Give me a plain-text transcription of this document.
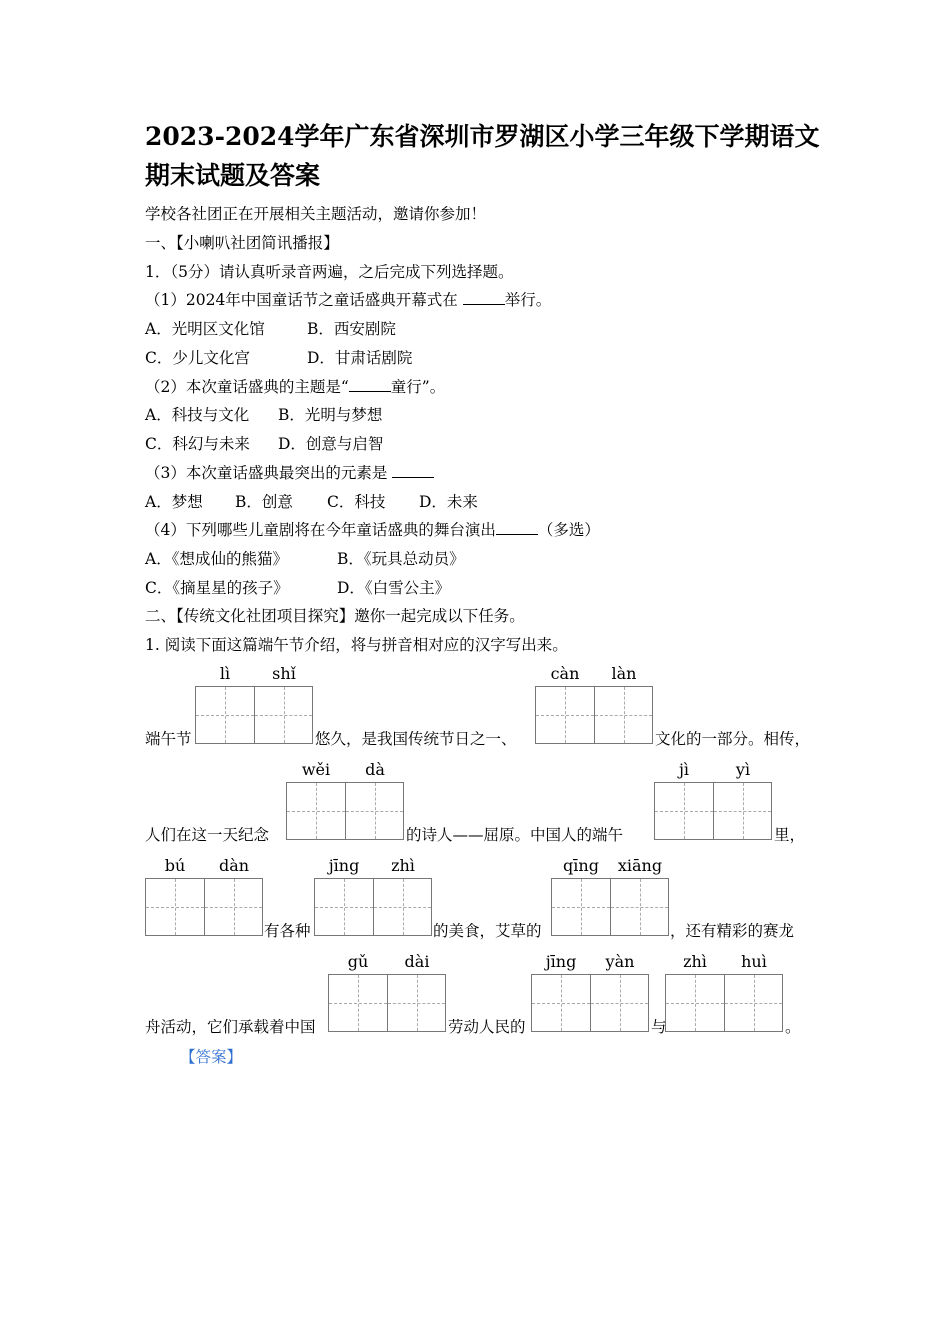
2023-2024学年广东省深圳市罗湖区小学三年级下学期语文
期末试题及答案
学校各社团正在开展相关主题活动，邀请你参加！
一、【小喇叭社团简讯播报】
1．（5分）请认真听录音两遍，之后完成下列选择题。
（1）2024年中国童话节之童话盛典开幕式在	举行。
A．光明区文化馆	B．西安剧院
C．少儿文化宫	D．甘肃话剧院
（2）本次童话盛典的主题是“	童行”。
A．科技与文化 B．光明与梦想
C．科幻与未来 D．创意与启智
（3）本次童话盛典最突出的元素是
A．梦想 B．创意 C．科技 D．未来
（4）下列哪些儿童剧将在今年童话盛典的舞台演出	（多选）
A．《想成仙的熊猫》	B．《玩具总动员》
C．《摘星星的孩子》	D．《白雪公主》
二、【传统文化社团项目探究】邀你一起完成以下任务。
1. 阅读下面这篇端午节介绍，将与拼音相对应的汉字写出来。
lì	shǐ	càn	làn
端午节	悠久，是我国传统节日之一、	文化的一部分。相传，
wěi	dà	jì	yì
人们在这一天纪念	的诗人——屈原。中国人的端午	里，
bú	dàn	jīng	zhì	qīng	xiāng
有各种	的美食，艾草的	，还有精彩的赛龙
gǔ	dài	jīng	yàn	zhì	huì
舟活动，它们承载着中国	劳动人民的	与	。
【答案】
